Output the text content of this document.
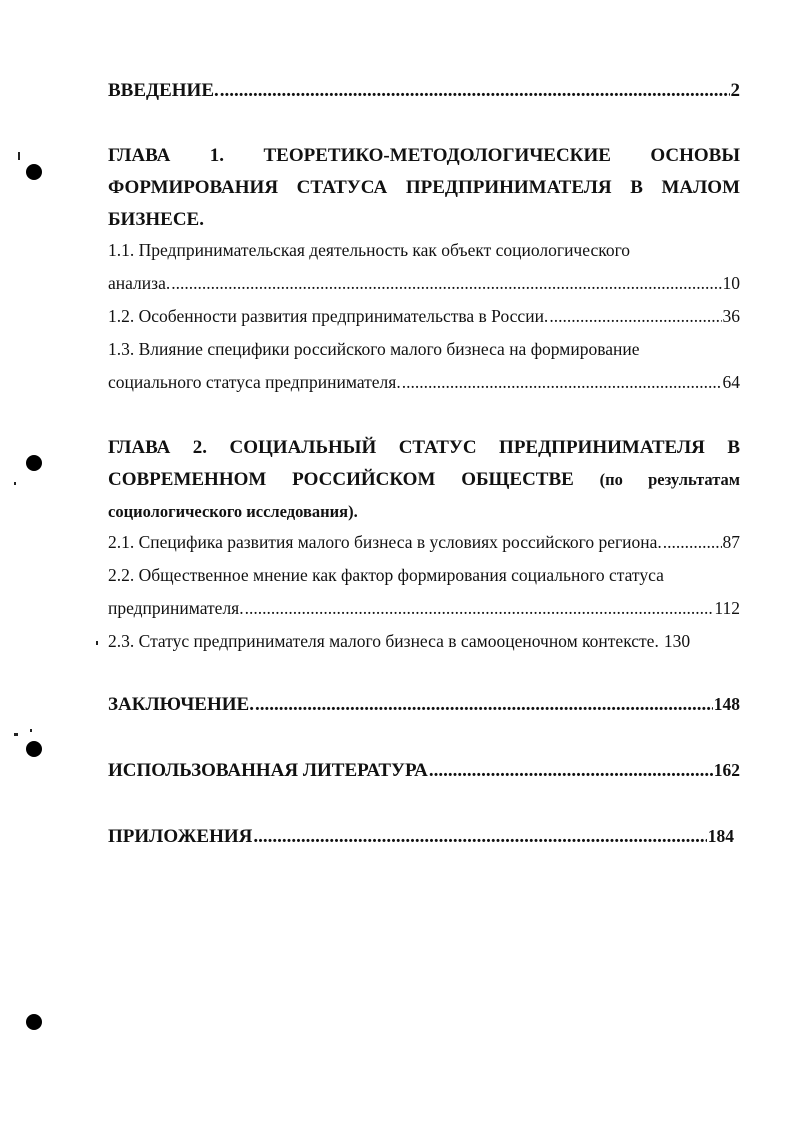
ВВЕДЕНИЕ. .....	2
ГЛАВА 1. ТЕОРЕТИКО-МЕТОДОЛОГИЧЕСКИЕ ОСНОВЫ
ФОРМИРОВАНИЯ СТАТУСА ПРЕДПРИНИМАТЕЛЯ В МАЛОМ
БИЗНЕСЕ.
1.1. Предпринимательская деятельность как объект социологического
анализа. .....	10
1.2. Особенности развития предпринимательства в России. .....	36
1.3. Влияние специфики российского малого бизнеса на формирование
социального статуса предпринимателя. .....	64
ГЛАВА 2. СОЦИАЛЬНЫЙ СТАТУС ПРЕДПРИНИМАТЕЛЯ В
СОВРЕМЕННОМ РОССИЙСКОМ ОБЩЕСТВЕ (по результатам
социологического исследования).
2.1. Специфика развития малого бизнеса в условиях российского региона. .....	87
2.2. Общественное мнение как фактор формирования социального статуса
предпринимателя. .....	112
2.3. Статус предпринимателя малого бизнеса в самооценочном контексте. 130
ЗАКЛЮЧЕНИЕ. .....	148
ИСПОЛЬЗОВАННАЯ ЛИТЕРАТУРА .....	162
ПРИЛОЖЕНИЯ .....	184
